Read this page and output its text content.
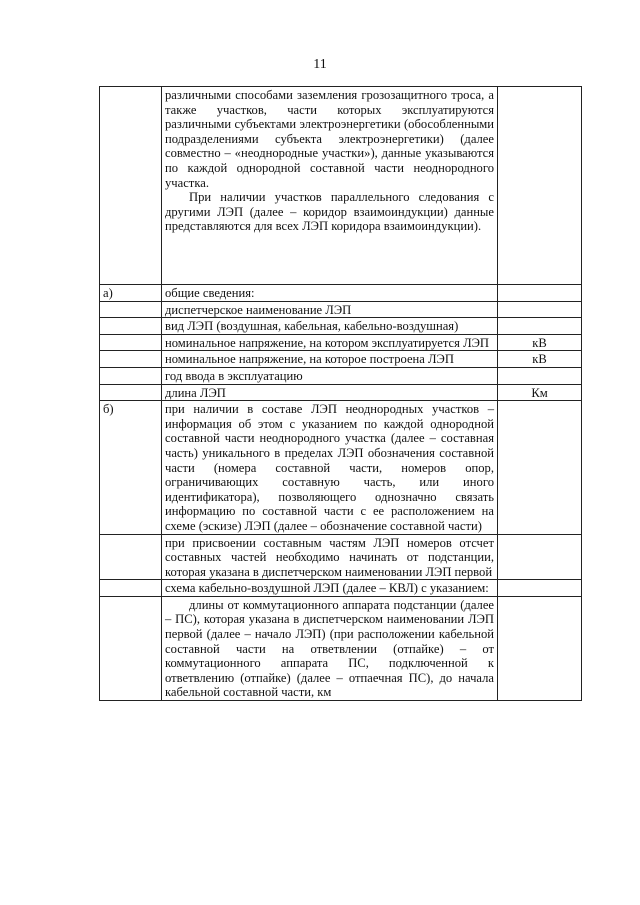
11

	различными способами заземления грозозащитного троса, а также участков, части которых эксплуатируются различными субъектами электроэнергетики (обособленными подразделениями субъекта электроэнергетики) (далее совместно – «неоднородные участки»), данные указываются по каждой однородной составной части неоднородного участка.
При наличии участков параллельного следования с другими ЛЭП (далее – коридор взаимоиндукции) данные представляются для всех ЛЭП коридора взаимоиндукции).	

а)	общие сведения:	
	диспетчерское наименование ЛЭП	
	вид ЛЭП (воздушная, кабельная, кабельно-воздушная)	
	номинальное напряжение, на котором эксплуатируется ЛЭП	кВ
	номинальное напряжение, на которое построена ЛЭП	кВ
	год ввода в эксплуатацию	
	длина ЛЭП	Км
б)	при наличии в составе ЛЭП неоднородных участков – информация об этом с указанием по каждой однородной составной части неоднородного участка (далее – составная часть) уникального в пределах ЛЭП обозначения составной части (номера составной части, номеров опор, ограничивающих составную часть, или иного идентификатора), позволяющего однозначно связать информацию по составной части с ее расположением на схеме (эскизе) ЛЭП (далее – обозначение составной части)	
	при присвоении составным частям ЛЭП номеров отсчет составных частей необходимо начинать от подстанции, которая указана в диспетчерском наименовании ЛЭП первой	
	схема кабельно-воздушной ЛЭП (далее – КВЛ) с указанием:	
	длины от коммутационного аппарата подстанции (далее – ПС), которая указана в диспетчерском наименовании ЛЭП первой (далее – начало ЛЭП) (при расположении кабельной составной части на ответвлении (отпайке) – от коммутационного аппарата ПС, подключенной к ответвлению (отпайке) (далее – отпаечная ПС), до начала кабельной составной части, км	
